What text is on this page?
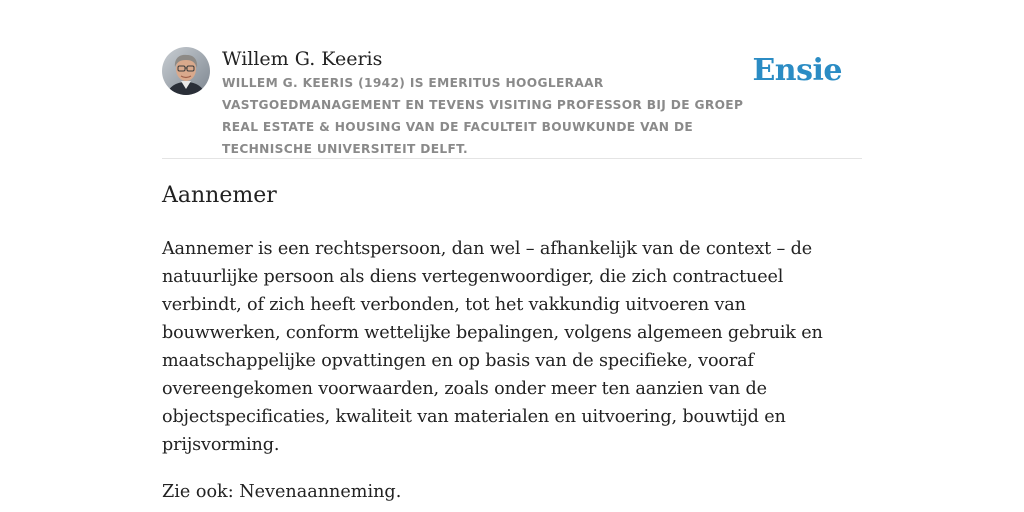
Willem G. Keeris
WILLEM G. KEERIS (1942) IS EMERITUS HOOGLERAAR VASTGOEDMANAGEMENT EN TEVENS VISITING PROFESSOR BIJ DE GROEP REAL ESTATE & HOUSING VAN DE FACULTEIT BOUWKUNDE VAN DE TECHNISCHE UNIVERSITEIT DELFT.
Ensie
Aannemer

Aannemer is een rechtspersoon, dan wel – afhankelijk van de context – de natuurlijke persoon als diens vertegenwoordiger, die zich contractueel verbindt, of zich heeft verbonden, tot het vakkundig uitvoeren van bouwwerken, conform wettelijke bepalingen, volgens algemeen gebruik en maatschappelijke opvattingen en op basis van de specifieke, vooraf overeengekomen voorwaarden, zoals onder meer ten aanzien van de objectspecificaties, kwaliteit van materialen en uitvoering, bouwtijd en prijsvorming.

Zie ook: Nevenaanneming.
